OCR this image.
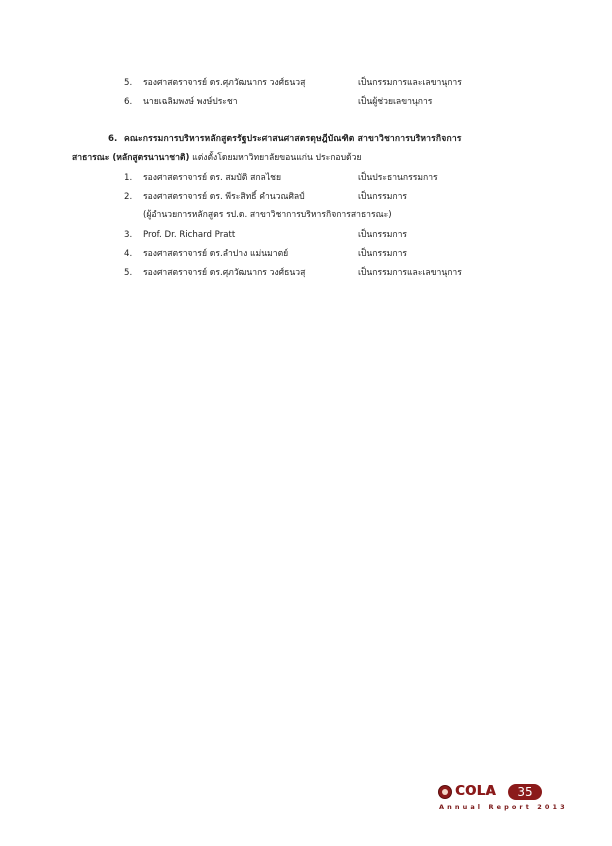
5. รองศาสตราจารย์ ดร.ศุภวัฒนากร วงศ์ธนวสุ	เป็นกรรมการและเลขานุการ
6. นายเฉลิมพงษ์ พงษ์ประชา	เป็นผู้ช่วยเลขานุการ
6. คณะกรรมการบริหารหลักสูตรรัฐประศาสนศาสตรดุษฎีบัณฑิต สาขาวิชาการบริหารกิจการ
สาธารณะ (หลักสูตรนานาชาติ) แต่งตั้งโดยมหาวิทยาลัยขอนแก่น ประกอบด้วย
1. รองศาสตราจารย์ ดร. สมบัติ สกลไชย	เป็นประธานกรรมการ
2. รองศาสตราจารย์ ดร. พีระสิทธิ์ คำนวณศิลป์	เป็นกรรมการ
(ผู้อำนวยการหลักสูตร รป.ด. สาขาวิชาการบริหารกิจการสาธารณะ)
3. Prof. Dr. Richard Pratt	เป็นกรรมการ
4. รองศาสตราจารย์ ดร.ลำปาง แม่นมาตย์	เป็นกรรมการ
5. รองศาสตราจารย์ ดร.ศุภวัฒนากร วงศ์ธนวสุ	เป็นกรรมการและเลขานุการ
COLA	35
Annual Report 2013
